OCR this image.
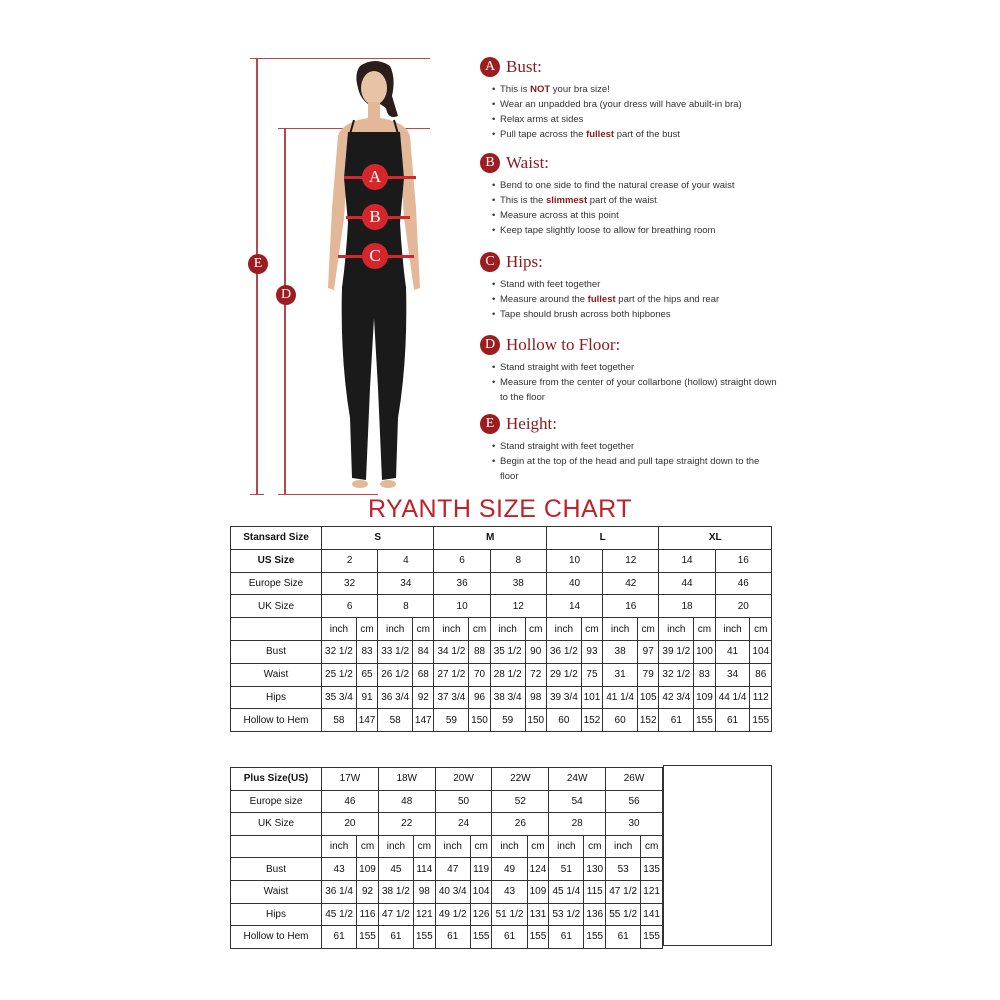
E
D
A
B
C
A Bust:
• This is NOT your bra size!
• Wear an unpadded bra (your dress will have abuilt-in bra)
• Relax arms at sides
• Pull tape across the fullest part of the bust
B Waist:
• Bend to one side to find the natural crease of your waist
• This is the slimmest part of the waist
• Measure across at this point
• Keep tape slightly loose to allow for breathing room
C Hips:
• Stand with feet together
• Measure around the fullest part of the hips and rear
• Tape should brush across both hipbones
D Hollow to Floor:
• Stand straight with feet together
• Measure from the center of your collarbone (hollow) straight down to the floor
E Height:
• Stand straight with feet together
• Begin at the top of the head and pull tape straight down to the floor
RYANTH SIZE CHART
Stansard Size	S				M				L				XL			
US Size	2		4		6		8		10		12		14		16	
Europe Size	32		34		36		38		40		42		44		46	
UK Size	6		8		10		12		14		16		18		20	
	inch	cm	inch	cm	inch	cm	inch	cm	inch	cm	inch	cm	inch	cm	inch	cm
Bust	32 1/2	83	33 1/2	84	34 1/2	88	35 1/2	90	36 1/2	93	38	97	39 1/2	100	41	104
Waist	25 1/2	65	26 1/2	68	27 1/2	70	28 1/2	72	29 1/2	75	31	79	32 1/2	83	34	86
Hips	35 3/4	91	36 3/4	92	37 3/4	96	38 3/4	98	39 3/4	101	41 1/4	105	42 3/4	109	44 1/4	112
Hollow to Hem	58	147	58	147	59	150	59	150	60	152	60	152	61	155	61	155
Plus Size(US)	17W		18W		20W		22W		24W		26W	
Europe size	46		48		50		52		54		56	
UK Size	20		22		24		26		28		30	
	inch	cm	inch	cm	inch	cm	inch	cm	inch	cm	inch	cm
Bust	43	109	45	114	47	119	49	124	51	130	53	135
Waist	36 1/4	92	38 1/2	98	40 3/4	104	43	109	45 1/4	115	47 1/2	121
Hips	45 1/2	116	47 1/2	121	49 1/2	126	51 1/2	131	53 1/2	136	55 1/2	141
Hollow to Hem	61	155	61	155	61	155	61	155	61	155	61	155
